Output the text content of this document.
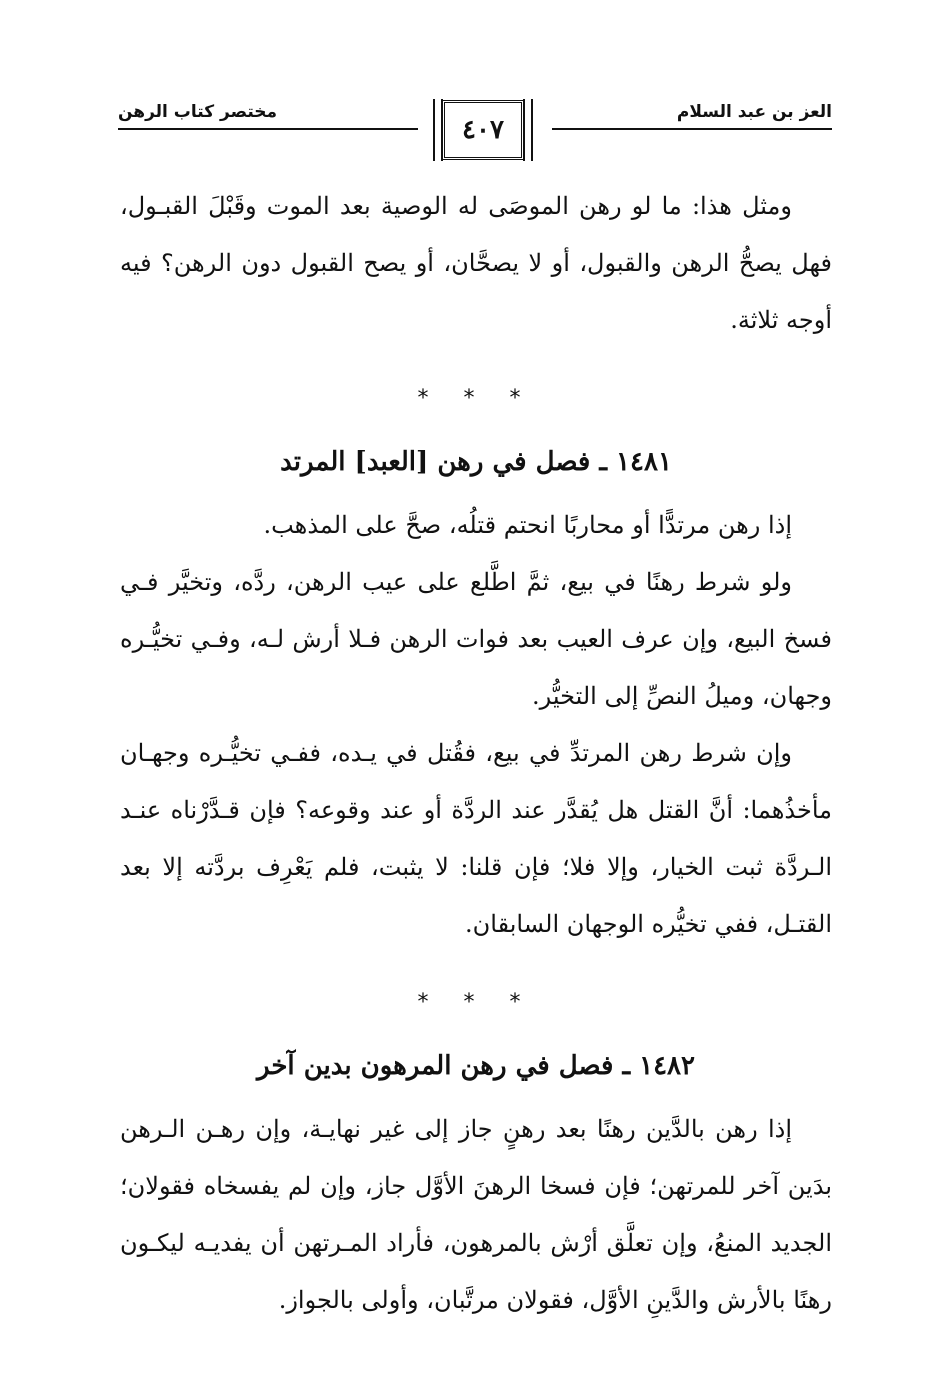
العز بن عبد السلام
٤٠٧
مختصر كتاب الرهن

ومثل هذا: ما لو رهن الموصَى له الوصية بعد الموت وقَبْلَ القبـول، فهل يصحُّ الرهن والقبول، أو لا يصحَّان، أو يصح القبول دون الرهن؟ فيه أوجه ثلاثة.

* * *
١٤٨١ ـ فصل في رهن [العبد] المرتد

إذا رهن مرتدًّا أو محاربًا انحتم قتلُه، صحَّ على المذهب.

ولو شرط رهنًا في بيع، ثمَّ اطَّلع على عيب الرهن، ردَّه، وتخيَّر فـي فسخ البيع، وإن عرف العيب بعد فوات الرهن فـلا أرش لـه، وفـي تخيُّـره وجهان، وميلُ النصِّ إلى التخيُّر.

وإن شرط رهن المرتدِّ في بيع، فقُتل في يـده، ففـي تخيُّـره وجهـان مأخذُهما: أنَّ القتل هل يُقدَّر عند الردَّة أو عند وقوعه؟ فإن قـدَّرْناه عنـد الـردَّة ثبت الخيار، وإلا فلا؛ فإن قلنا: لا يثبت، فلم يَعْرِف بردَّته إلا بعد القتـل، ففي تخيُّره الوجهان السابقان.

* * *
١٤٨٢ ـ فصل في رهن المرهون بدين آخر

إذا رهن بالدَّين رهنًا بعد رهنٍ جاز إلى غير نهايـة، وإن رهـن الـرهن بدَين آخر للمرتهن؛ فإن فسخا الرهنَ الأوَّل جاز، وإن لم يفسخاه فقولان؛ الجديد المنعُ، وإن تعلَّق أرْش بالمرهون، فأراد المـرتهن أن يفديـه ليكـون رهنًا بالأرش والدَّينِ الأوَّل، فقولان مرتَّبان، وأولى بالجواز.
